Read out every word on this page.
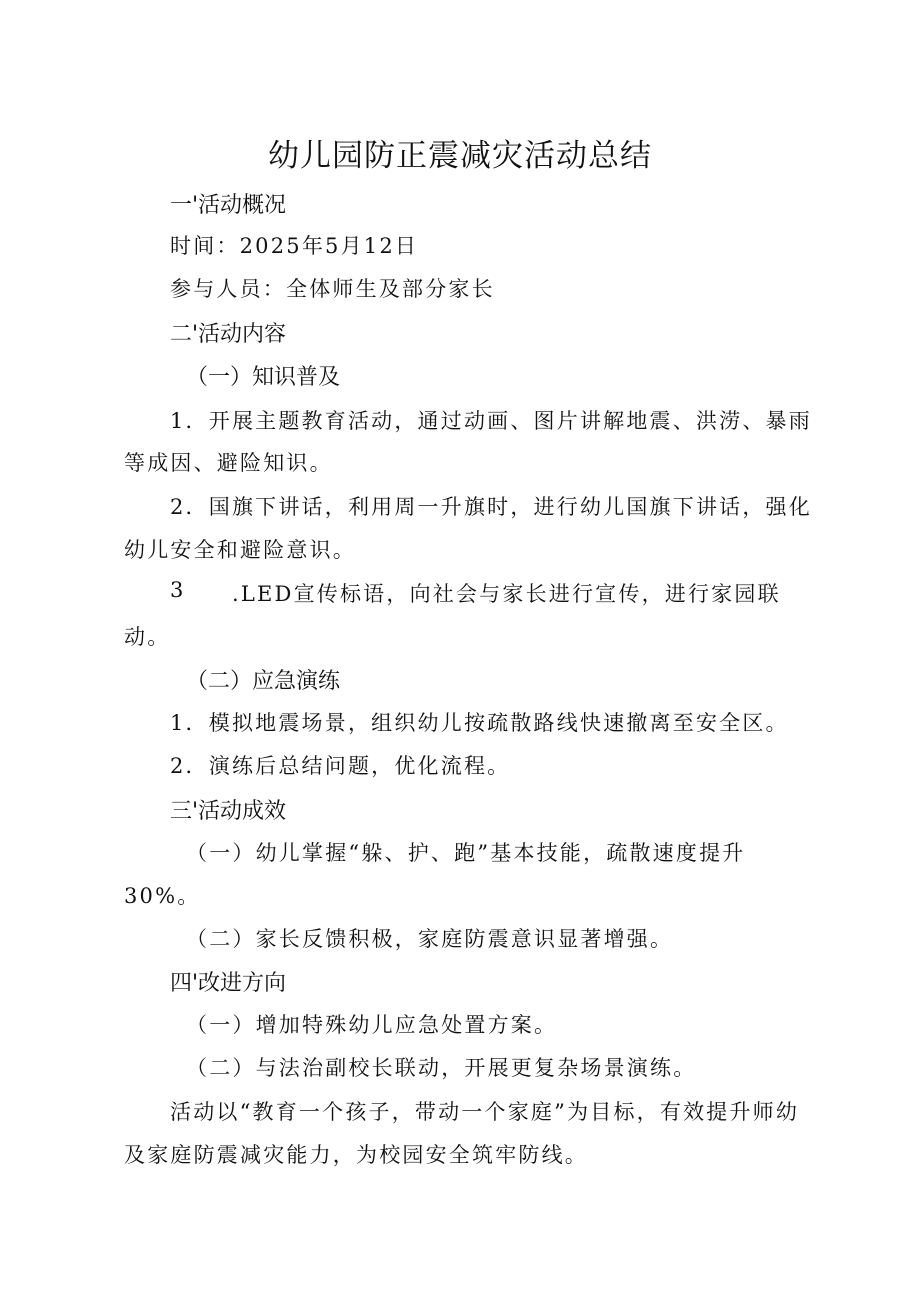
幼儿园防正震减灾活动总结
一'活动概况
时间：2025年5月12日
参与人员：全体师生及部分家长
二'活动内容
（一）知识普及
1．开展主题教育活动，通过动画、图片讲解地震、洪涝、暴雨
等成因、避险知识。
2．国旗下讲话，利用周一升旗时，进行幼儿国旗下讲话，强化
幼儿安全和避险意识。
3 .LED宣传标语，向社会与家长进行宣传，进行家园联
动。
（二）应急演练
1．模拟地震场景，组织幼儿按疏散路线快速撤离至安全区。
2．演练后总结问题，优化流程。
三'活动成效
（一）幼儿掌握“躲、护、跑”基本技能，疏散速度提升
30%。
（二）家长反馈积极，家庭防震意识显著增强。
四'改进方向
（一）增加特殊幼儿应急处置方案。
（二）与法治副校长联动，开展更复杂场景演练。
活动以“教育一个孩子，带动一个家庭”为目标，有效提升师幼
及家庭防震减灾能力，为校园安全筑牢防线。
